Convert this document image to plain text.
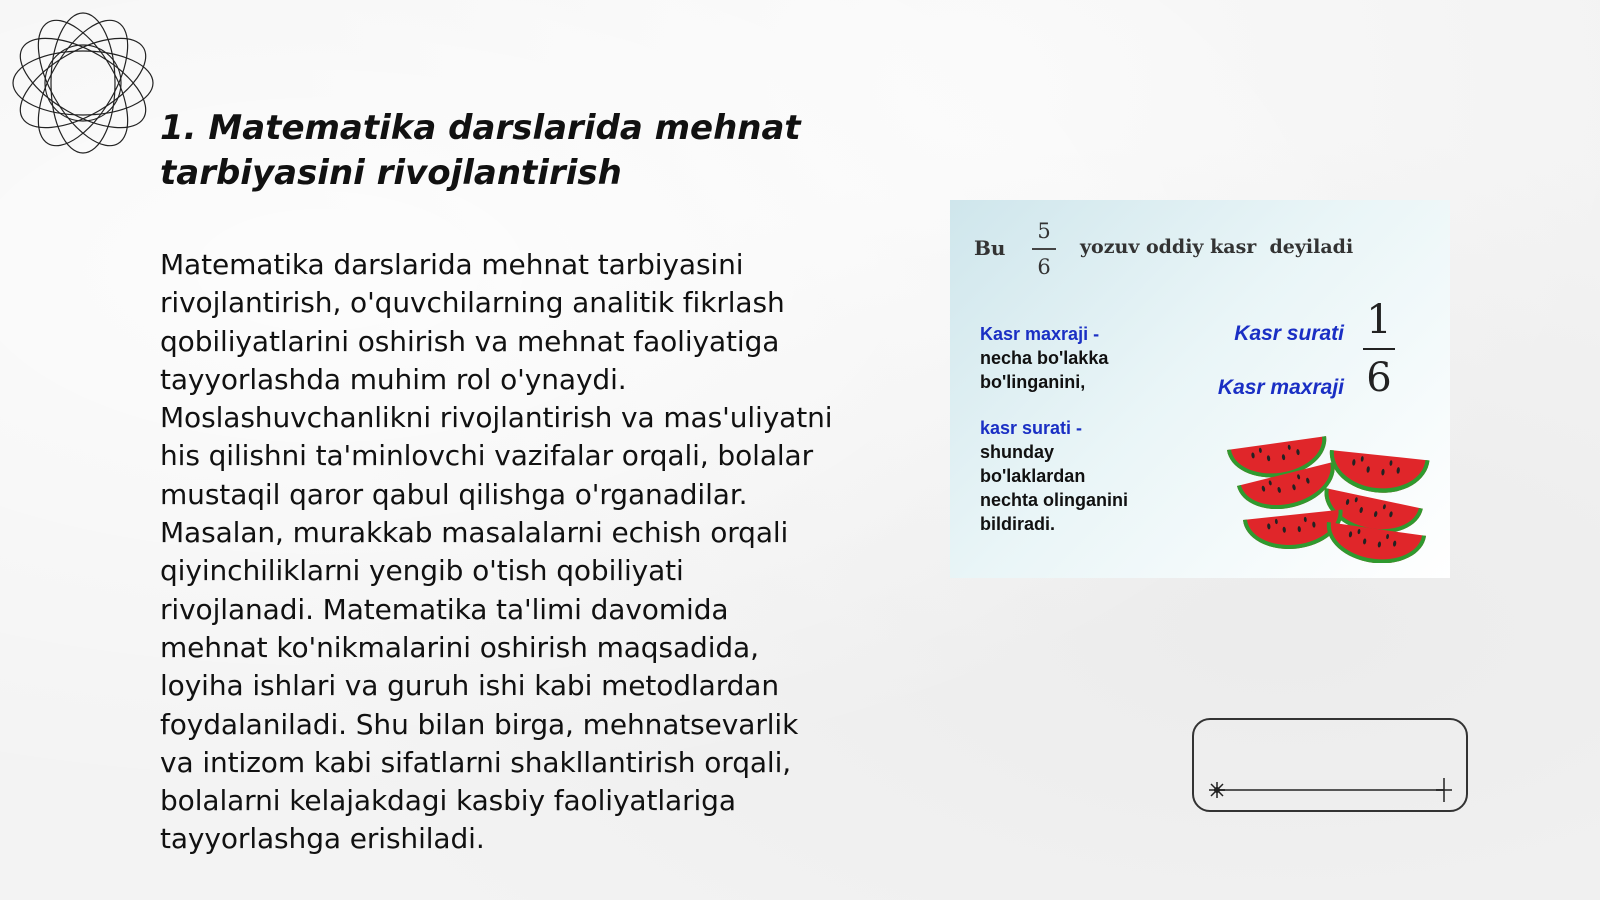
1. Matematika darslarida mehnat tarbiyasini rivojlantirish

Matematika darslarida mehnat tarbiyasini rivojlantirish, o'quvchilarning analitik fikrlash qobiliyatlarini oshirish va mehnat faoliyatiga tayyorlashda muhim rol o'ynaydi. Moslashuvchanlikni rivojlantirish va mas'uliyatni his qilishni ta'minlovchi vazifalar orqali, bolalar mustaqil qaror qabul qilishga o'rganadilar. Masalan, murakkab masalalarni echish orqali qiyinchiliklarni yengib o'tish qobiliyati rivojlanadi. Matematika ta'limi davomida mehnat ko'nikmalarini oshirish maqsadida, loyiha ishlari va guruh ishi kabi metodlardan foydalaniladi. Shu bilan birga, mehnatsevarlik va intizom kabi sifatlarni shakllantirish orqali, bolalarni kelajakdagi kasbiy faoliyatlariga tayyorlashga erishiladi.

Bu
5
6
yozuv oddiy kasr  deyiladi
Kasr maxraji -
necha bo'lakka
bo'linganini,
kasr surati -
shunday
bo'laklardan
nechta olinganini
bildiradi.
Kasr surati
Kasr maxraji
1
6
